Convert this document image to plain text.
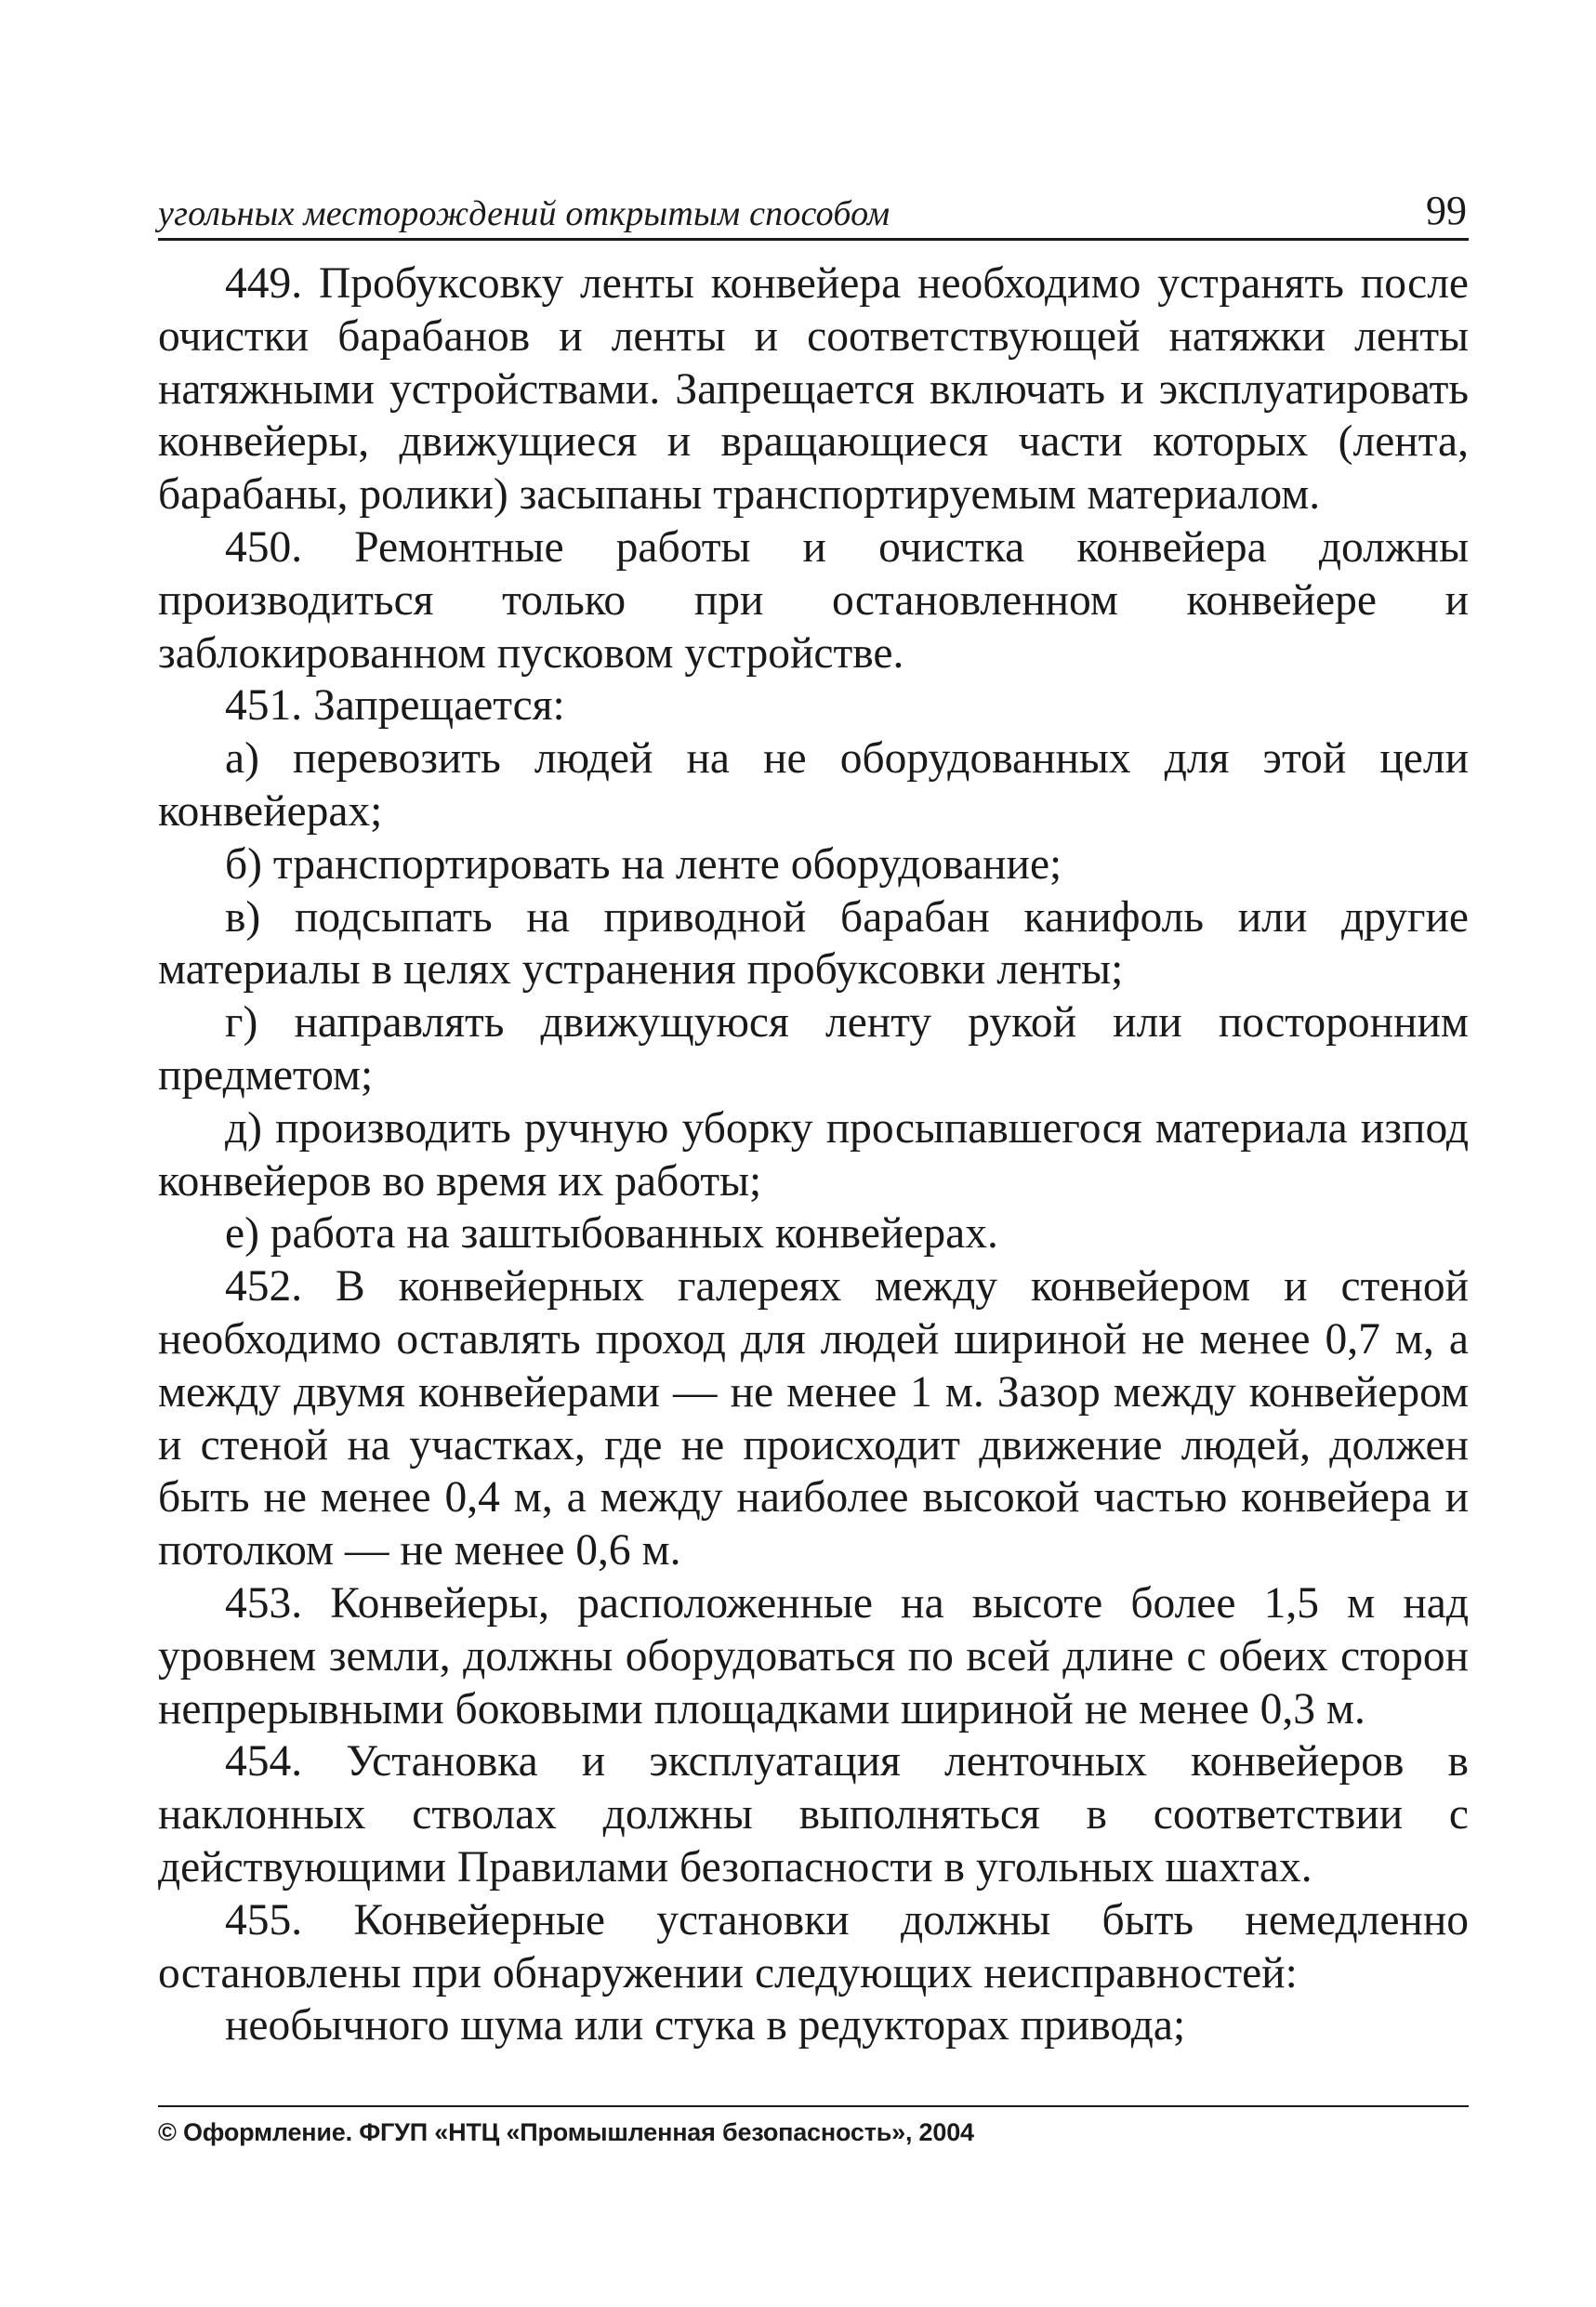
угольных месторождений открытым способом	99

449. Пробуксовку ленты конвейера необходимо устранять после очистки барабанов и ленты и соответствующей натяжки ленты натяжными устройствами. Запрещается включать и эксплуатировать конвейеры, движущиеся и вращающиеся части которых (лента, барабаны, ролики) засыпаны транспортируемым материалом.

450. Ремонтные работы и очистка конвейера должны производиться только при остановленном конвейере и заблокированном пусковом устройстве.

451. Запрещается:

а) перевозить людей на не оборудованных для этой цели конвейерах;

б) транспортировать на ленте оборудование;

в) подсыпать на приводной барабан канифоль или другие материалы в целях устранения пробуксовки ленты;

г) направлять движущуюся ленту рукой или посторонним предметом;

д) производить ручную уборку просыпавшегося материала изпод конвейеров во время их работы;

е) работа на заштыбованных конвейерах.

452. В конвейерных галереях между конвейером и стеной необходимо оставлять проход для людей шириной не менее 0,7 м, а между двумя конвейерами — не менее 1 м. Зазор между конвейером и стеной на участках, где не происходит движение людей, должен быть не менее 0,4 м, а между наиболее высокой частью конвейера и потолком — не менее 0,6 м.

453. Конвейеры, расположенные на высоте более 1,5 м над уровнем земли, должны оборудоваться по всей длине с обеих сторон непрерывными боковыми площадками шириной не менее 0,3 м.

454. Установка и эксплуатация ленточных конвейеров в наклонных стволах должны выполняться в соответствии с действующими Правилами безопасности в угольных шахтах.

455. Конвейерные установки должны быть немедленно остановлены при обнаружении следующих неисправностей:

необычного шума или стука в редукторах привода;

© Оформление. ФГУП «НТЦ «Промышленная безопасность», 2004
